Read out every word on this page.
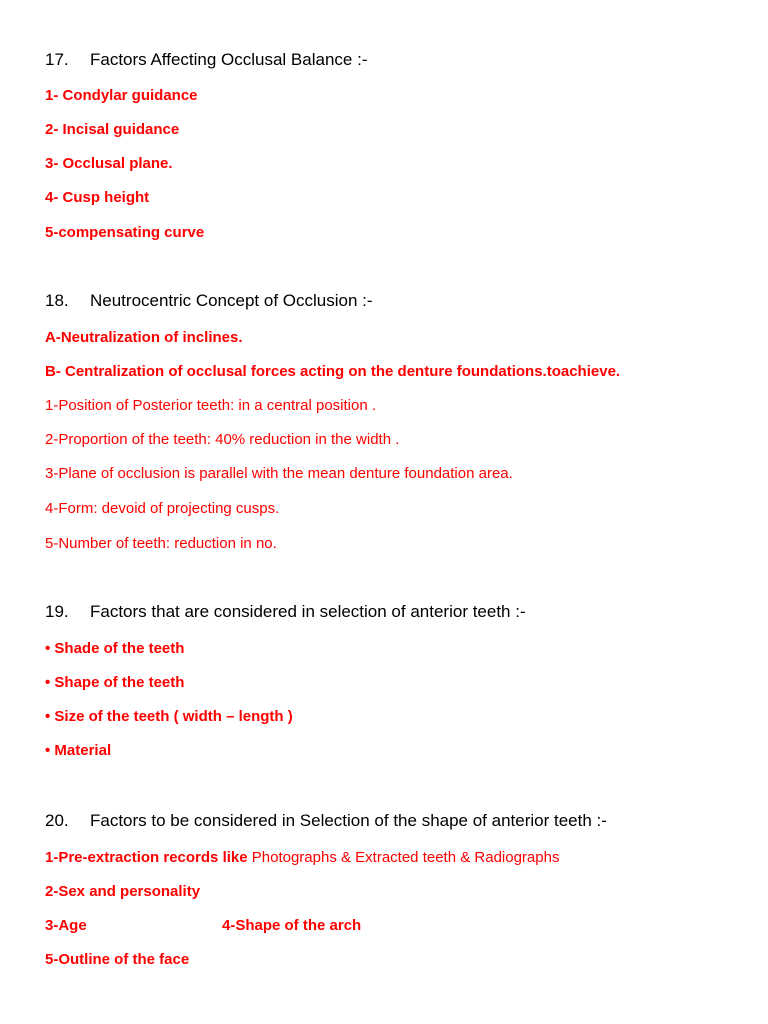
17. Factors Affecting Occlusal Balance :-
1- Condylar guidance
2- Incisal guidance
3- Occlusal plane.
4- Cusp height
5-compensating curve
18. Neutrocentric Concept of Occlusion :-
A-Neutralization of inclines.
B- Centralization of occlusal forces acting on the denture foundations.toachieve.
1-Position of Posterior teeth: in a central position .
2-Proportion of the teeth: 40% reduction in the width .
3-Plane of occlusion is parallel with the mean denture foundation area.
4-Form: devoid of projecting cusps.
5-Number of teeth: reduction in no.
19. Factors that are considered in selection of anterior teeth :-
• Shade of the teeth
• Shape of the teeth
• Size of the teeth ( width – length )
• Material
20. Factors to be considered in Selection of the shape of anterior teeth :-
1-Pre-extraction records like Photographs & Extracted teeth & Radiographs
2-Sex and personality
3-Age	4-Shape of the arch
5-Outline of the face
